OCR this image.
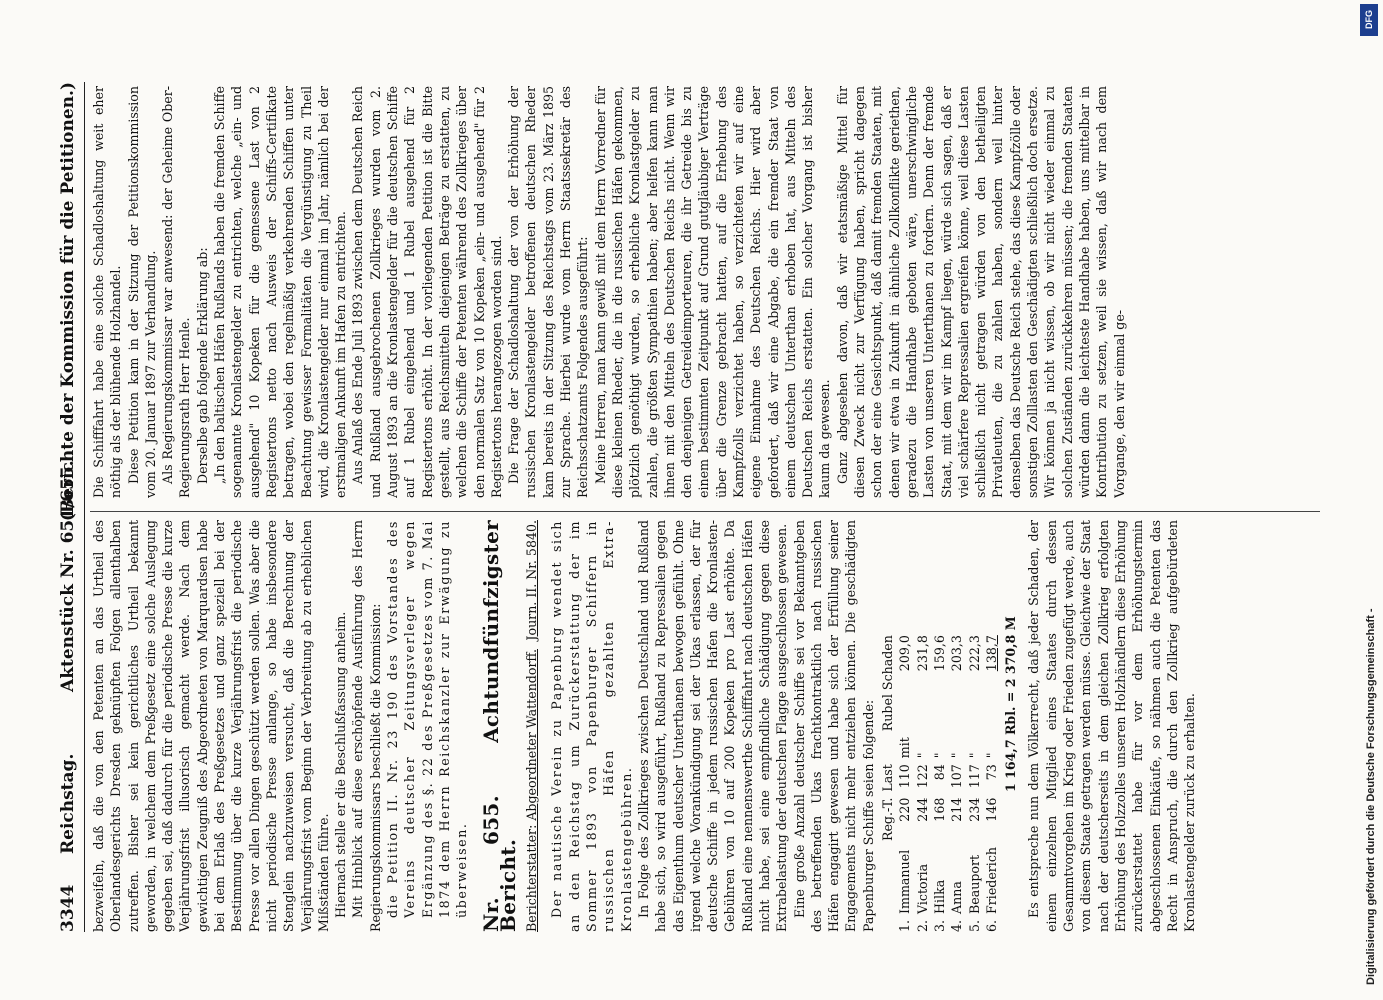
3344
Reichstag.
Aktenstück Nr. 651/655.
(Berichte der Kommission für die Petitionen.)

bezweifeln, daß die von den Petenten an das Urtheil des Oberlandesgerichts Dresden geknüpften Folgen allenthalben zutreffen. Bisher sei kein gerichtliches Urtheil bekannt geworden, in welchem dem Preßgesetz eine solche Auslegung gegeben sei, daß dadurch für die periodische Presse die kurze Verjährungsfrist illusorisch gemacht werde. Nach dem gewichtigen Zeugniß des Abgeordneten von Marquardsen habe bei dem Erlaß des Preßgesetzes und ganz speziell bei der Bestimmung über die kurze Verjährungsfrist die periodische Presse vor allen Dingen geschützt werden sollen. Was aber die nicht periodische Presse anlange, so habe insbesondere Stenglein nachzuweisen versucht, daß die Berechnung der Verjährungsfrist vom Beginn der Verbreitung ab zu erheblichen Mißständen führe. Hiernach stelle er die Beschlußfassung anheim. Mit Hinblick auf diese erschöpfende Ausführung des Herrn Regierungskommissars beschließt die Kommission: die Petition II. Nr. 23 190 des Vorstandes des Vereins deutscher Zeitungsverleger wegen Ergänzung des §. 22 des Preßgesetzes vom 7. Mai 1874 dem Herrn Reichskanzler zur Erwägung zu überweisen. Nr. 655. Achtundfünfzigster Bericht. Berichterstatter: Abgeordneter Wattendorff.
Journ. II. Nr. 5840. Der nautische Verein zu Papenburg wendet sich an den Reichstag um Zurückerstattung der im Sommer 1893 von Papenburger Schiffern in russischen Häfen gezahlten Extra-Kronlastengebühren. In Folge des Zollkrieges zwischen Deutschland und Rußland habe sich, so wird ausgeführt, Rußland zu Repressalien gegen das Eigenthum deutscher Unterthanen bewogen gefühlt. Ohne irgend welche Vorankündigung sei der Ukas erlassen, der für deutsche Schiffe in jedem russischen Hafen die Kronlasten-Gebühren von 10 auf 200 Kopeken pro Last erhöhte. Da Rußland eine nennenswerthe Schifffahrt nach deutschen Häfen nicht habe, sei eine empfindliche Schädigung gegen diese Extrabelastung der deutschen Flagge ausgeschlossen gewesen. Eine große Anzahl deutscher Schiffe sei vor Bekanntgeben des betreffenden Ukas frachtkontraktlich nach russischen Häfen engagirt gewesen und habe sich der Erfüllung seiner Engagements nicht mehr entziehen können. Die geschädigten Papenburger Schiffe seien folgende:

		Reg.-T.	Last		Rubel Schaden
1.	Immanuel	220	110	mit	209,0
2.	Victoria	244	122	"	231,8
3.	Hilka	168	84	"	159,6
4.	Anna	214	107	"	203,3
5.	Beauport	234	117	"	222,3
6.	Friederich	146	73	"	138,7 1 164,7 Rbl. = 2 370,8 M Es entspreche nun dem Völkerrecht, daß jeder Schaden, der einem einzelnen Mitglied eines Staates durch dessen Gesammtvorgehen im Krieg oder Frieden zugefügt werde, auch von diesem Staate getragen werden müsse. Gleichwie der Staat nach der deutscherseits in dem gleichen Zollkrieg erfolgten Erhöhung des Holzzolles unseren Holzhändlern diese Erhöhung zurückerstattet habe für vor dem Erhöhungstermin abgeschlossenen Einkäufe, so nähmen auch die Petenten das Recht in Anspruch, die durch den Zollkrieg aufgebürdeten Kronlastengelder zurück zu erhalten.

Die Schifffahrt habe eine solche Schadloshaltung weit eher nöthig als der blühende Holzhandel. Diese Petition kam in der Sitzung der Petitionskommission vom 20. Januar 1897 zur Verhandlung. Als Regierungskommissar war anwesend: der Geheime Ober-Regierungsrath Herr Henle. Derselbe gab folgende Erklärung ab: „In den baltischen Häfen Rußlands haben die fremden Schiffe sogenannte Kronlastengelder zu entrichten, welche „ein- und ausgehend" 10 Kopeken für die gemessene Last von 2 Registertons netto nach Ausweis der Schiffs-Certifikate betragen, wobei den regelmäßig verkehrenden Schiffen unter Beachtung gewisser Formalitäten die Vergünstigung zu Theil wird, die Kronlastengelder nur einmal im Jahr, nämlich bei der erstmaligen Ankunft im Hafen zu entrichten. Aus Anlaß des Ende Juli 1893 zwischen dem Deutschen Reich und Rußland ausgebrochenen Zollkrieges wurden vom 2. August 1893 an die Kronlastengelder für die deutschen Schiffe auf 1 Rubel eingehend und 1 Rubel ausgehend für 2 Registertons erhöht. In der vorliegenden Petition ist die Bitte gestellt, aus Reichsmitteln diejenigen Beträge zu erstatten, zu welchen die Schiffe der Petenten während des Zollkrieges über den normalen Satz von 10 Kopeken „ein- und ausgehend" für 2 Registertons herangezogen worden sind. Die Frage der Schadloshaltung der von der Erhöhung der russischen Kronlastengelder betroffenen deutschen Rheder kam bereits in der Sitzung des Reichstags vom 23. März 1895 zur Sprache. Hierbei wurde vom Herrn Staatssekretär des Reichsschatzamts Folgendes ausgeführt: Meine Herren, man kann gewiß mit dem Herrn Vorredner für diese kleinen Rheder, die in die russischen Häfen gekommen, plötzlich genöthigt wurden, so erhebliche Kronlastgelder zu zahlen, die größten Sympathien haben; aber helfen kann man ihnen mit den Mitteln des Deutschen Reichs nicht. Wenn wir den denjenigen Getreideimporteuren, die ihr Getreide bis zu einem bestimmten Zeitpunkt auf Grund gutgläubiger Verträge über die Grenze gebracht hatten, auf die Erhebung des Kampfzolls verzichtet haben, so verzichteten wir auf eine eigene Einnahme des Deutschen Reichs. Hier wird aber gefordert, daß wir eine Abgabe, die ein fremder Staat von einem deutschen Unterthan erhoben hat, aus Mitteln des Deutschen Reichs erstatten. Ein solcher Vorgang ist bisher kaum da gewesen. Ganz abgesehen davon, daß wir etatsmäßige Mittel für diesen Zweck nicht zur Verfügung haben, spricht dagegen schon der eine Gesichtspunkt, daß damit fremden Staaten, mit denen wir etwa in Zukunft in ähnliche Zollkonflikte geriethen, geradezu die Handhabe geboten wäre, unerschwingliche Lasten von unseren Unterthanen zu fordern. Denn der fremde Staat, mit dem wir im Kampf liegen, würde sich sagen, daß er viel schärfere Repressalien ergreifen könne, weil diese Lasten schließlich nicht getragen würden von den betheiligten Privatleuten, die zu zahlen haben, sondern weil hinter denselben das Deutsche Reich stehe, das diese Kampfzölle oder sonstigen Zolllasten den Geschädigten schließlich doch ersetze. Wir können ja nicht wissen, ob wir nicht wieder einmal zu solchen Zuständen zurückkehren müssen; die fremden Staaten würden dann die leichteste Handhabe haben, uns mittelbar in Kontribution zu setzen, weil sie wissen, daß wir nach dem Vorgange, den wir einmal ge-

DFG
Digitalisierung gefördert durch die Deutsche Forschungsgemeinschaft -
